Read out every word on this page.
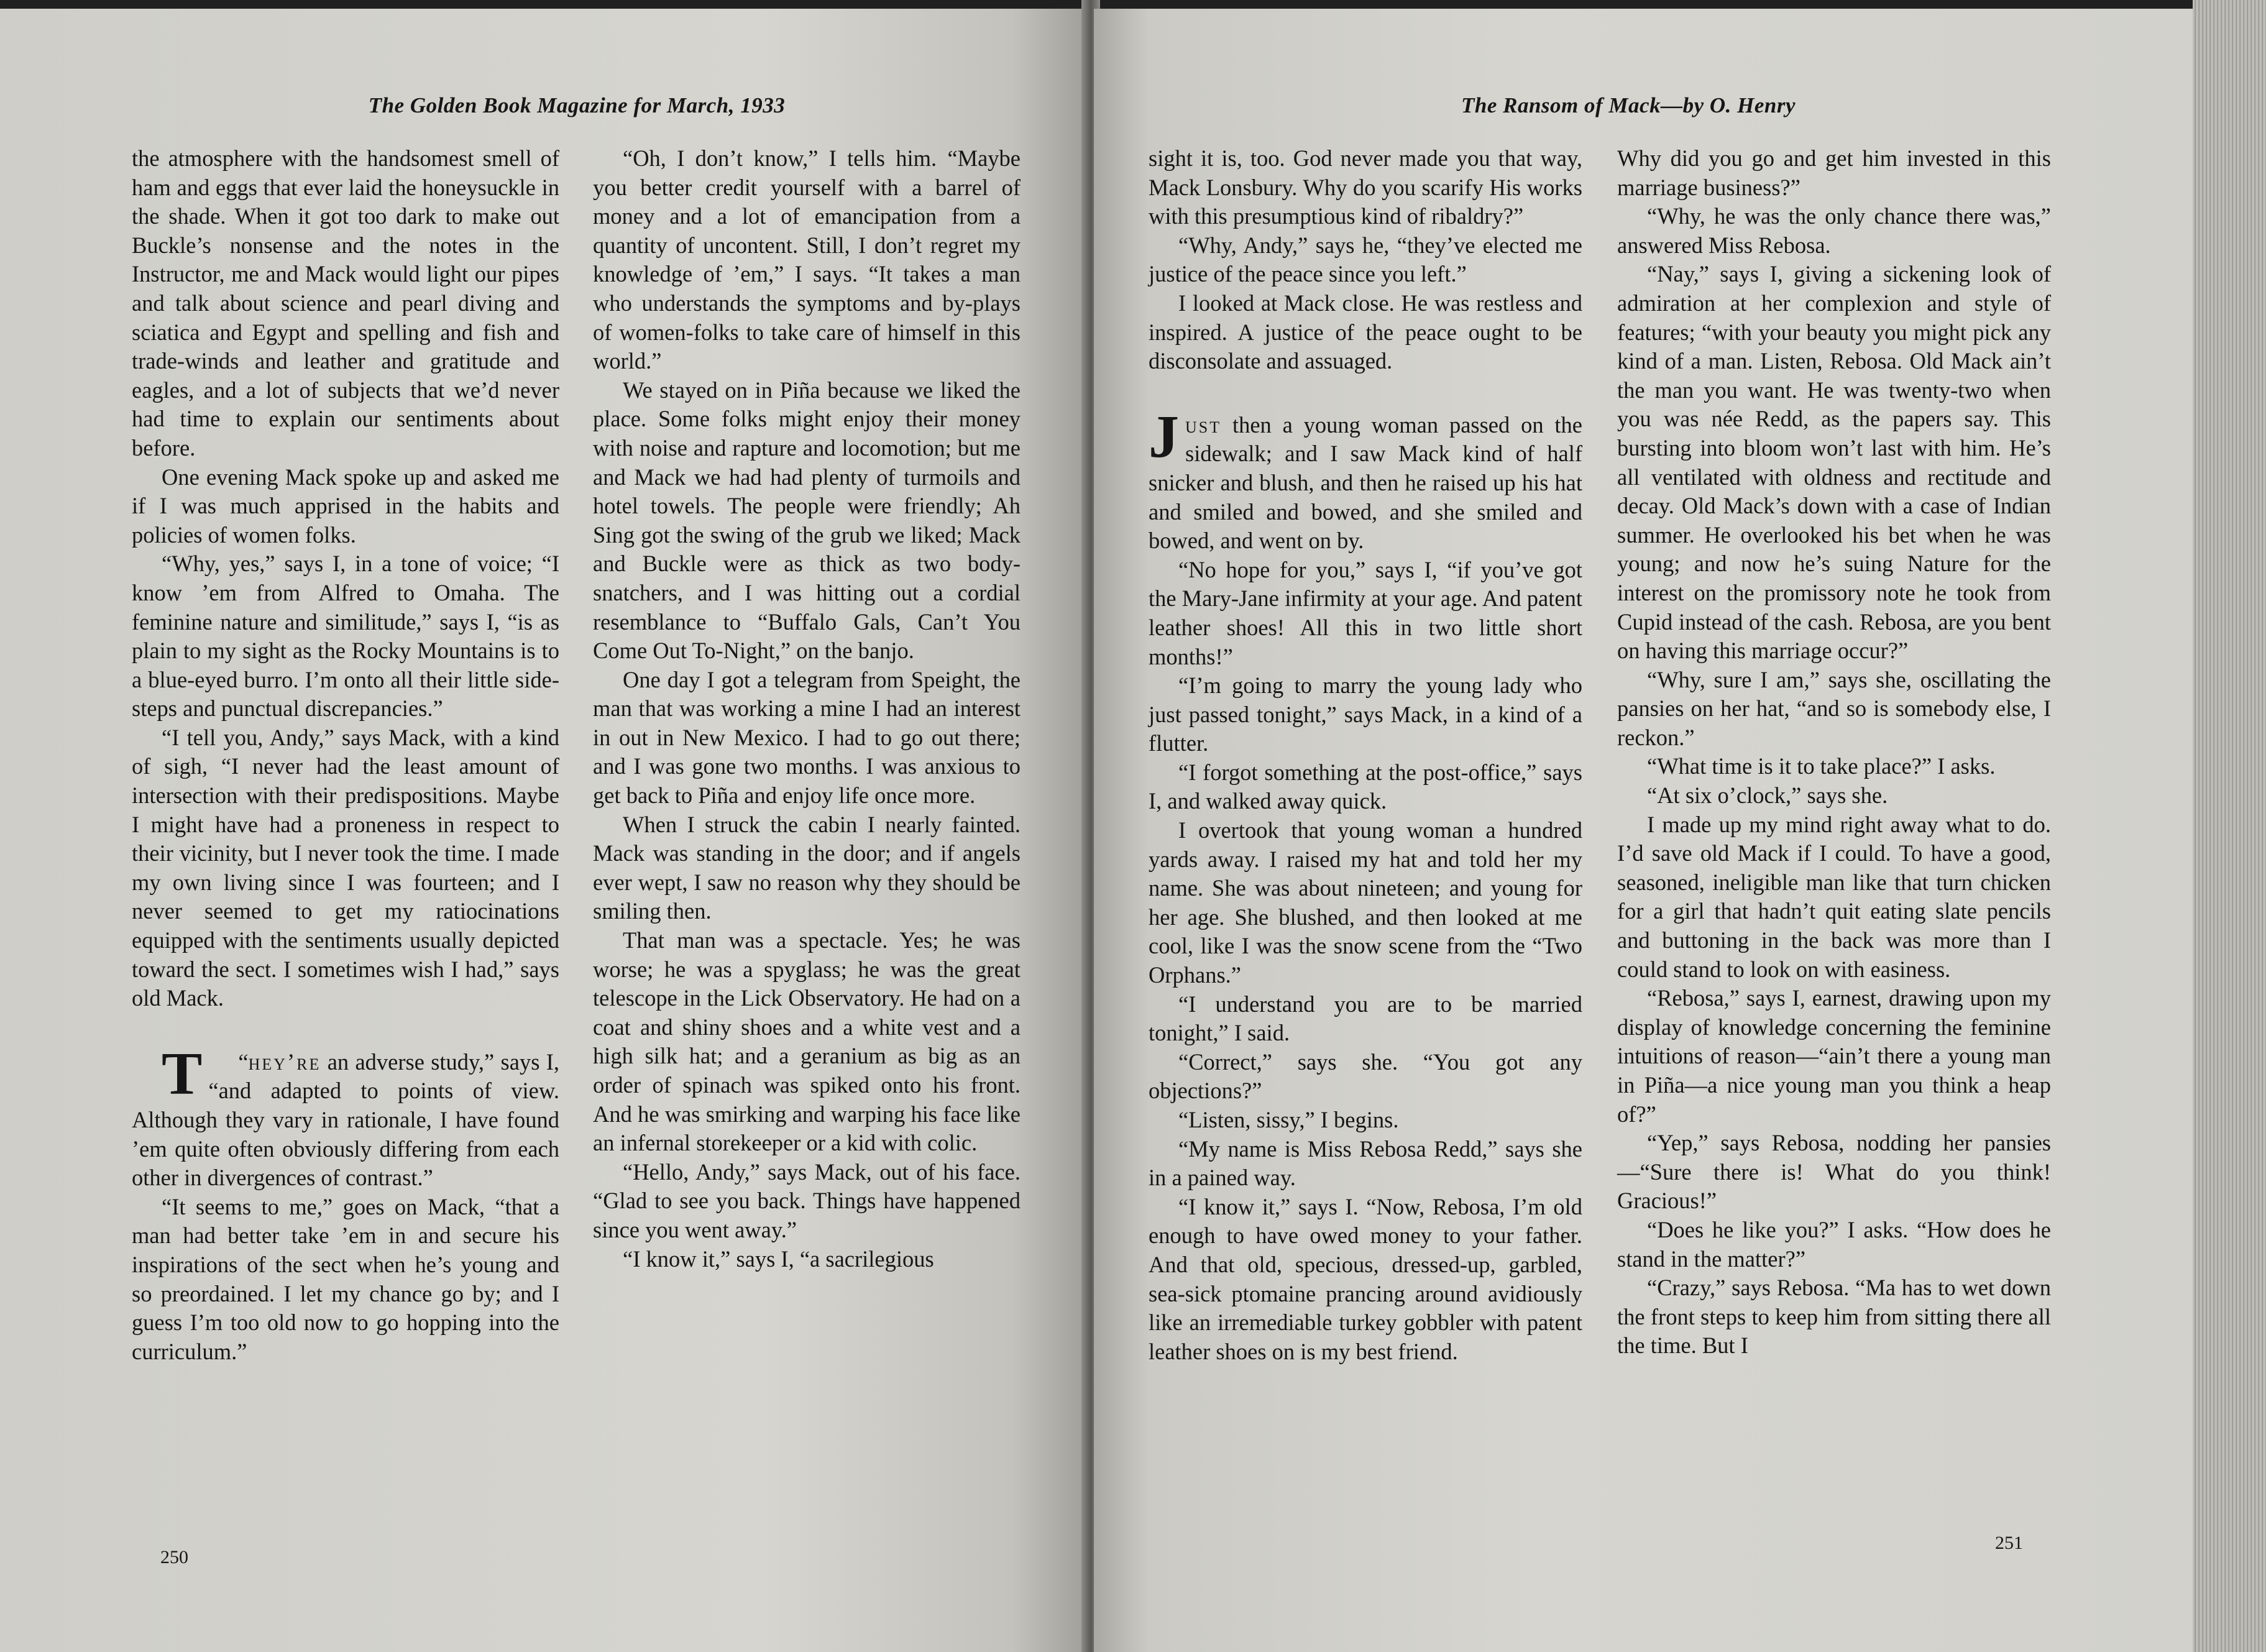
The Golden Book Magazine for March, 1933

the atmosphere with the handsomest smell of ham and eggs that ever laid the honeysuckle in the shade. When it got too dark to make out Buckle’s nonsense and the notes in the Instructor, me and Mack would light our pipes and talk about science and pearl diving and sciatica and Egypt and spelling and fish and trade-winds and leather and gratitude and eagles, and a lot of subjects that we’d never had time to explain our sentiments about before.

One evening Mack spoke up and asked me if I was much apprised in the habits and policies of women folks.

“Why, yes,” says I, in a tone of voice; “I know ’em from Alfred to Omaha. The feminine nature and similitude,” says I, “is as plain to my sight as the Rocky Mountains is to a blue-eyed burro. I’m onto all their little side-steps and punctual discrepancies.”

“I tell you, Andy,” says Mack, with a kind of sigh, “I never had the least amount of intersection with their predispositions. Maybe I might have had a proneness in respect to their vicinity, but I never took the time. I made my own living since I was fourteen; and I never seemed to get my ratiocinations equipped with the sentiments usually depicted toward the sect. I sometimes wish I had,” says old Mack.

“
T hey’re an adverse study,” says I, “and adapted to points of view. Although they vary in rationale, I have found ’em quite often obviously differing from each other in divergences of contrast.”

“It seems to me,” goes on Mack, “that a man had better take ’em in and secure his inspirations of the sect when he’s young and so preordained. I let my chance go by; and I guess I’m too old now to go hopping into the curriculum.”

“Oh, I don’t know,” I tells him. “Maybe you better credit yourself with a barrel of money and a lot of emancipation from a quantity of uncontent. Still, I don’t regret my knowledge of ’em,” I says. “It takes a man who understands the symptoms and by-plays of women-folks to take care of himself in this world.”

We stayed on in Piña because we liked the place. Some folks might enjoy their money with noise and rapture and locomotion; but me and Mack we had had plenty of turmoils and hotel towels. The people were friendly; Ah Sing got the swing of the grub we liked; Mack and Buckle were as thick as two body-snatchers, and I was hitting out a cordial resemblance to “Buffalo Gals, Can’t You Come Out To-Night,” on the banjo.

One day I got a telegram from Speight, the man that was working a mine I had an interest in out in New Mexico. I had to go out there; and I was gone two months. I was anxious to get back to Piña and enjoy life once more.

When I struck the cabin I nearly fainted. Mack was standing in the door; and if angels ever wept, I saw no reason why they should be smiling then.

That man was a spectacle. Yes; he was worse; he was a spyglass; he was the great telescope in the Lick Observatory. He had on a coat and shiny shoes and a white vest and a high silk hat; and a geranium as big as an order of spinach was spiked onto his front. And he was smirking and warping his face like an infernal storekeeper or a kid with colic.

“Hello, Andy,” says Mack, out of his face. “Glad to see you back. Things have happened since you went away.”

“I know it,” says I, “a sacrilegious

250
The Ransom of Mack—by O. Henry

sight it is, too. God never made you that way, Mack Lonsbury. Why do you scarify His works with this presumptious kind of ribaldry?”

“Why, Andy,” says he, “they’ve elected me justice of the peace since you left.”

I looked at Mack close. He was restless and inspired. A justice of the peace ought to be disconsolate and assuaged.

Just then a young woman passed on the sidewalk; and I saw Mack kind of half snicker and blush, and then he raised up his hat and smiled and bowed, and she smiled and bowed, and went on by.

“No hope for you,” says I, “if you’ve got the Mary-Jane infirmity at your age. And patent leather shoes! All this in two little short months!”

“I’m going to marry the young lady who just passed tonight,” says Mack, in a kind of a flutter.

“I forgot something at the post-office,” says I, and walked away quick.

I overtook that young woman a hundred yards away. I raised my hat and told her my name. She was about nineteen; and young for her age. She blushed, and then looked at me cool, like I was the snow scene from the “Two Orphans.”

“I understand you are to be married tonight,” I said.

“Correct,” says she. “You got any objections?”

“Listen, sissy,” I begins.

“My name is Miss Rebosa Redd,” says she in a pained way.

“I know it,” says I. “Now, Rebosa, I’m old enough to have owed money to your father. And that old, specious, dressed-up, garbled, sea-sick ptomaine prancing around avidiously like an irremediable turkey gobbler with patent leather shoes on is my best friend.

Why did you go and get him invested in this marriage business?”

“Why, he was the only chance there was,” answered Miss Rebosa.

“Nay,” says I, giving a sickening look of admiration at her complexion and style of features; “with your beauty you might pick any kind of a man. Listen, Rebosa. Old Mack ain’t the man you want. He was twenty-two when you was née Redd, as the papers say. This bursting into bloom won’t last with him. He’s all ventilated with oldness and rectitude and decay. Old Mack’s down with a case of Indian summer. He overlooked his bet when he was young; and now he’s suing Nature for the interest on the promissory note he took from Cupid instead of the cash. Rebosa, are you bent on having this marriage occur?”

“Why, sure I am,” says she, oscillating the pansies on her hat, “and so is somebody else, I reckon.”

“What time is it to take place?” I asks.

“At six o’clock,” says she.

I made up my mind right away what to do. I’d save old Mack if I could. To have a good, seasoned, ineligible man like that turn chicken for a girl that hadn’t quit eating slate pencils and buttoning in the back was more than I could stand to look on with easiness.

“Rebosa,” says I, earnest, drawing upon my display of knowledge concerning the feminine intuitions of reason—“ain’t there a young man in Piña—a nice young man you think a heap of?”

“Yep,” says Rebosa, nodding her pansies—“Sure there is! What do you think! Gracious!”

“Does he like you?” I asks. “How does he stand in the matter?”

“Crazy,” says Rebosa. “Ma has to wet down the front steps to keep him from sitting there all the time. But I

251
